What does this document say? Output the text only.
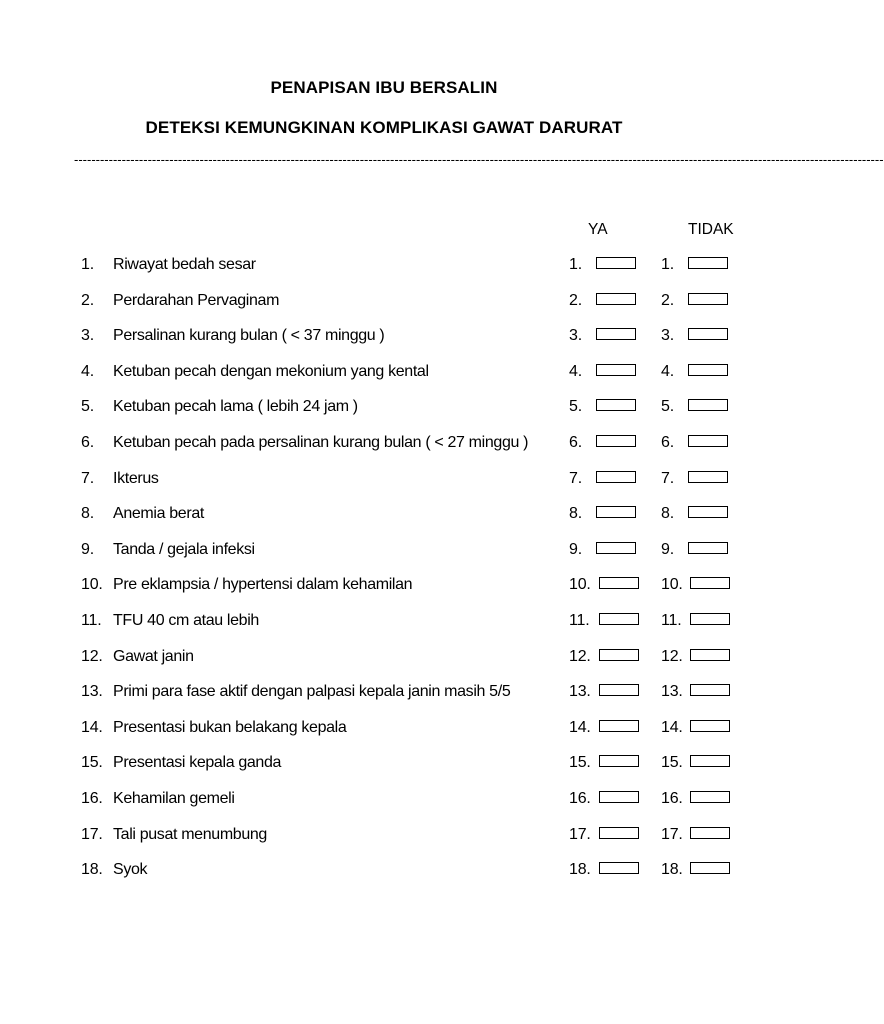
PENAPISAN IBU BERSALIN
DETEKSI KEMUNGKINAN KOMPLIKASI GAWAT DARURAT
-------------------------------------------------------------------------------------------------------------------------------------------------------------------------------------------
YA	TIDAK
1. Riwayat bedah sesar	1.	1.
2. Perdarahan Pervaginam	2.	2.
3. Persalinan kurang bulan ( < 37 minggu )	3.	3.
4. Ketuban pecah dengan mekonium yang kental	4.	4.
5. Ketuban pecah lama ( lebih 24 jam )	5.	5.
6. Ketuban pecah pada persalinan kurang bulan ( < 27 minggu )	6.	6.
7. Ikterus	7.	7.
8. Anemia berat	8.	8.
9. Tanda / gejala infeksi	9.	9.
10. Pre eklampsia / hypertensi dalam kehamilan	10.	10.
11. TFU 40 cm atau lebih	11.	11.
12. Gawat janin	12.	12.
13. Primi para fase aktif dengan palpasi kepala janin masih 5/5	13.	13.
14. Presentasi bukan belakang kepala	14.	14.
15. Presentasi kepala ganda	15.	15.
16. Kehamilan gemeli	16.	16.
17. Tali pusat menumbung	17.	17.
18. Syok	18.	18.
